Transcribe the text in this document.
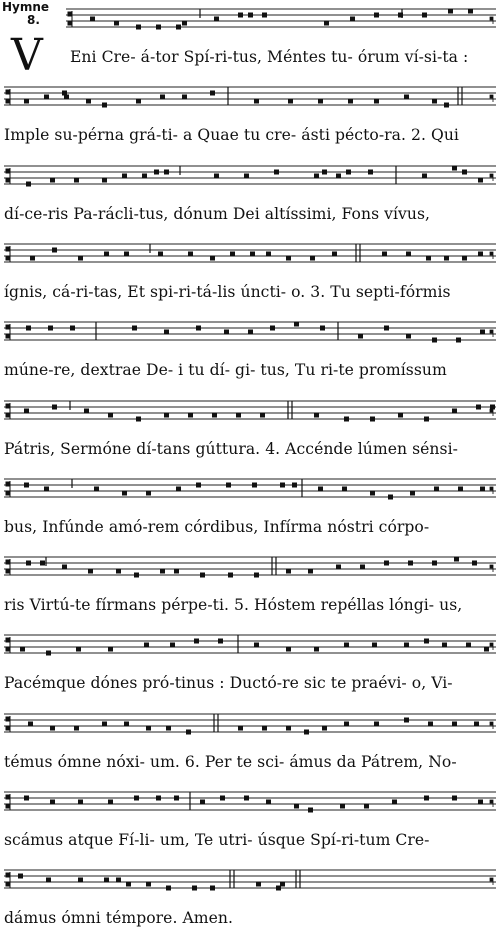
Hymne
8.
V Eni Cre- á-tor Spí-ri-tus, Méntes tu- órum ví-si-ta :
Imple su-pérna grá-ti- a Quae tu cre- ásti pécto-ra. 2. Qui
dí-ce-ris Pa-rácli-tus, dónum Dei altíssimi, Fons vívus,
ígnis, cá-ri-tas, Et spi-ri-tá-lis úncti- o. 3. Tu septi-fórmis
múne-re, dextrae De- i tu dí- gi- tus, Tu ri-te promíssum
Pátris, Sermóne dí-tans gúttura. 4. Accénde lúmen sénsi-
bus, Infúnde amó-rem córdibus, Infírma nóstri córpo-
ris Virtú-te fírmans pérpe-ti. 5. Hóstem repéllas lóngi- us,
Pacémque dónes pró-tinus : Ductó-re sic te praévi- o, Vi-
témus ómne nóxi- um. 6. Per te sci- ámus da Pátrem, No-
scámus atque Fí-li- um, Te utri- úsque Spí-ri-tum Cre-
dámus ómni témpore. Amen.
